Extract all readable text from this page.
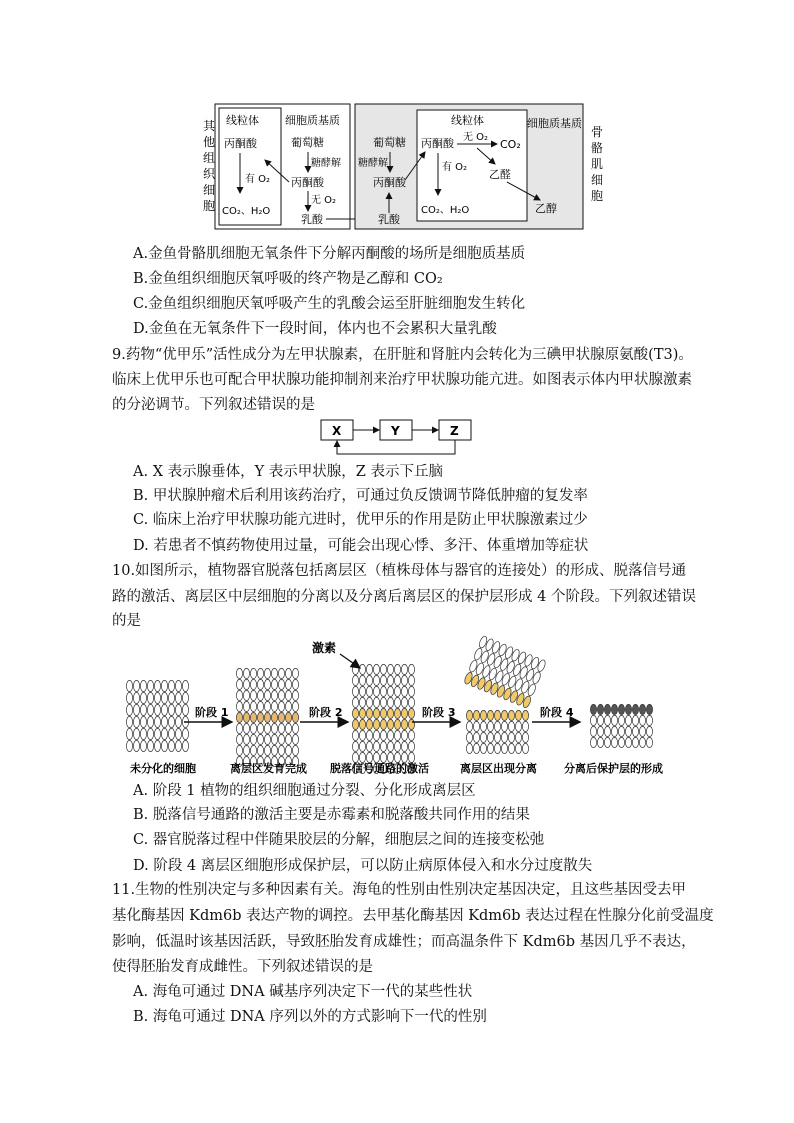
其
他
组
织
细
胞
线粒体 细胞质基质
丙酮酸
有 O₂
CO₂、H₂O
葡萄糖
糖酵解
丙酮酸
无 O₂
乳酸
线粒体	细胞质基质
葡萄糖
糖酵解
丙酮酸
乳酸
丙酮酸
有 O₂
CO₂、H₂O
无 O₂
CO₂
乙醛
乙醇
骨
骼
肌
细
胞
A.金鱼骨骼肌细胞无氧条件下分解丙酮酸的场所是细胞质基质
B.金鱼组织细胞厌氧呼吸的终产物是乙醇和 CO₂
C.金鱼组织细胞厌氧呼吸产生的乳酸会运至肝脏细胞发生转化
D.金鱼在无氧条件下一段时间，体内也不会累积大量乳酸
9.药物“优甲乐”活性成分为左甲状腺素，在肝脏和肾脏内会转化为三碘甲状腺原氨酸(T3)。
临床上优甲乐也可配合甲状腺功能抑制剂来治疗甲状腺功能亢进。如图表示体内甲状腺激素
的分泌调节。下列叙述错误的是
X	Y	Z
A. X 表示腺垂体，Y 表示甲状腺，Z 表示下丘脑
B. 甲状腺肿瘤术后利用该药治疗，可通过负反馈调节降低肿瘤的复发率
C. 临床上治疗甲状腺功能亢进时，优甲乐的作用是防止甲状腺激素过少
D. 若患者不慎药物使用过量，可能会出现心悸、多汗、体重增加等症状
10.如图所示，植物器官脱落包括离层区（植株母体与器官的连接处）的形成、脱落信号通
路的激活、离层区中层细胞的分离以及分离后离层区的保护层形成 4 个阶段。下列叙述错误
的是
激素
阶段 1	阶段 2	阶段 3	阶段 4
未分化的细胞	离层区发育完成 脱落信号通路的激活	离层区出现分离 分离后保护层的形成
A. 阶段 1 植物的组织细胞通过分裂、分化形成离层区
B. 脱落信号通路的激活主要是赤霉素和脱落酸共同作用的结果
C. 器官脱落过程中伴随果胶层的分解，细胞层之间的连接变松弛
D. 阶段 4 离层区细胞形成保护层，可以防止病原体侵入和水分过度散失
11.生物的性别决定与多种因素有关。海龟的性别由性别决定基因决定，且这些基因受去甲
基化酶基因 Kdm6b 表达产物的调控。去甲基化酶基因 Kdm6b 表达过程在性腺分化前受温度
影响，低温时该基因活跃，导致胚胎发育成雄性；而高温条件下 Kdm6b 基因几乎不表达，
使得胚胎发育成雌性。下列叙述错误的是
A. 海龟可通过 DNA 碱基序列决定下一代的某些性状
B. 海龟可通过 DNA 序列以外的方式影响下一代的性别
